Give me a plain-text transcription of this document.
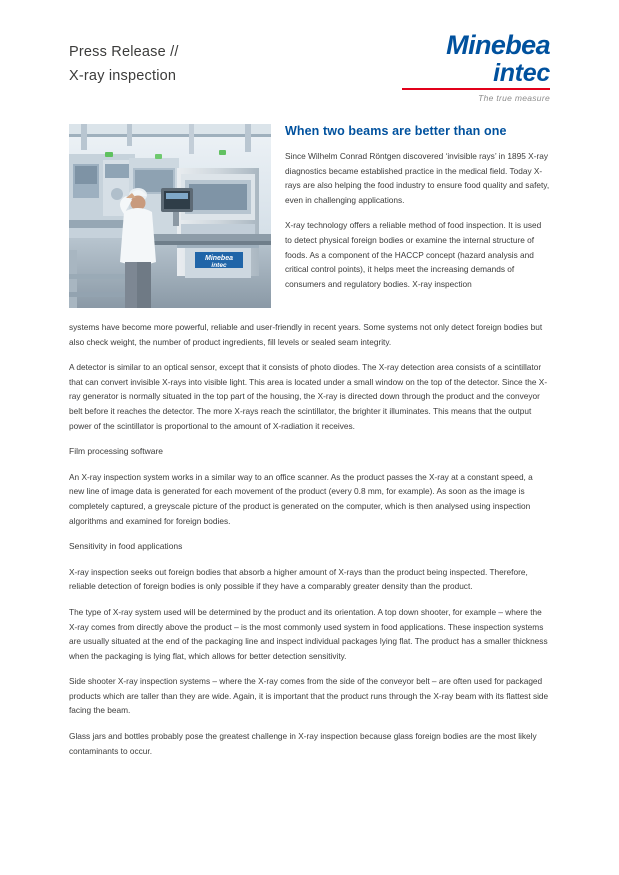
Press Release //
X-ray inspection
Minebea
intec
The true measure
Minebea
intec
When two beams are better than one

Since Wilhelm Conrad Röntgen discovered ‘invisible rays’ in 1895 X-ray diagnostics became established practice in the medical field. Today X-rays are also helping the food industry to ensure food quality and safety, even in challenging applications.

X-ray technology offers a reliable method of food inspection. It is used to detect physical foreign bodies or examine the internal structure of foods. As a component of the HACCP concept (hazard analysis and critical control points), it helps meet the increasing demands of consumers and regulatory bodies. X-ray inspection

systems have become more powerful, reliable and user-friendly in recent years. Some systems not only detect foreign bodies but also check weight, the number of product ingredients, fill levels or sealed seam integrity.

A detector is similar to an optical sensor, except that it consists of photo diodes. The X-ray detection area consists of a scintillator that can convert invisible X-rays into visible light. This area is located under a small window on the top of the detector. Since the X-ray generator is normally situated in the top part of the housing, the X-ray is directed down through the product and the conveyor belt before it reaches the detector. The more X-rays reach the scintillator, the brighter it illuminates. This means that the output power of the scintillator is proportional to the amount of X-radiation it receives.

Film processing software

An X-ray inspection system works in a similar way to an office scanner. As the product passes the X-ray at a constant speed, a new line of image data is generated for each movement of the product (every 0.8 mm, for example). As soon as the image is completely captured, a greyscale picture of the product is generated on the computer, which is then analysed using inspection algorithms and examined for foreign bodies.

Sensitivity in food applications

X-ray inspection seeks out foreign bodies that absorb a higher amount of X-rays than the product being inspected. Therefore, reliable detection of foreign bodies is only possible if they have a comparably greater density than the product.

The type of X-ray system used will be determined by the product and its orientation. A top down shooter, for example – where the X-ray comes from directly above the product – is the most commonly used system in food applications. These inspection systems are usually situated at the end of the packaging line and inspect individual packages lying flat. The product has a smaller thickness when the packaging is lying flat, which allows for better detection sensitivity.

Side shooter X-ray inspection systems – where the X-ray comes from the side of the conveyor belt – are often used for packaged products which are taller than they are wide. Again, it is important that the product runs through the X-ray beam with its flattest side facing the beam.

Glass jars and bottles probably pose the greatest challenge in X-ray inspection because glass foreign bodies are the most likely contaminants to occur.
